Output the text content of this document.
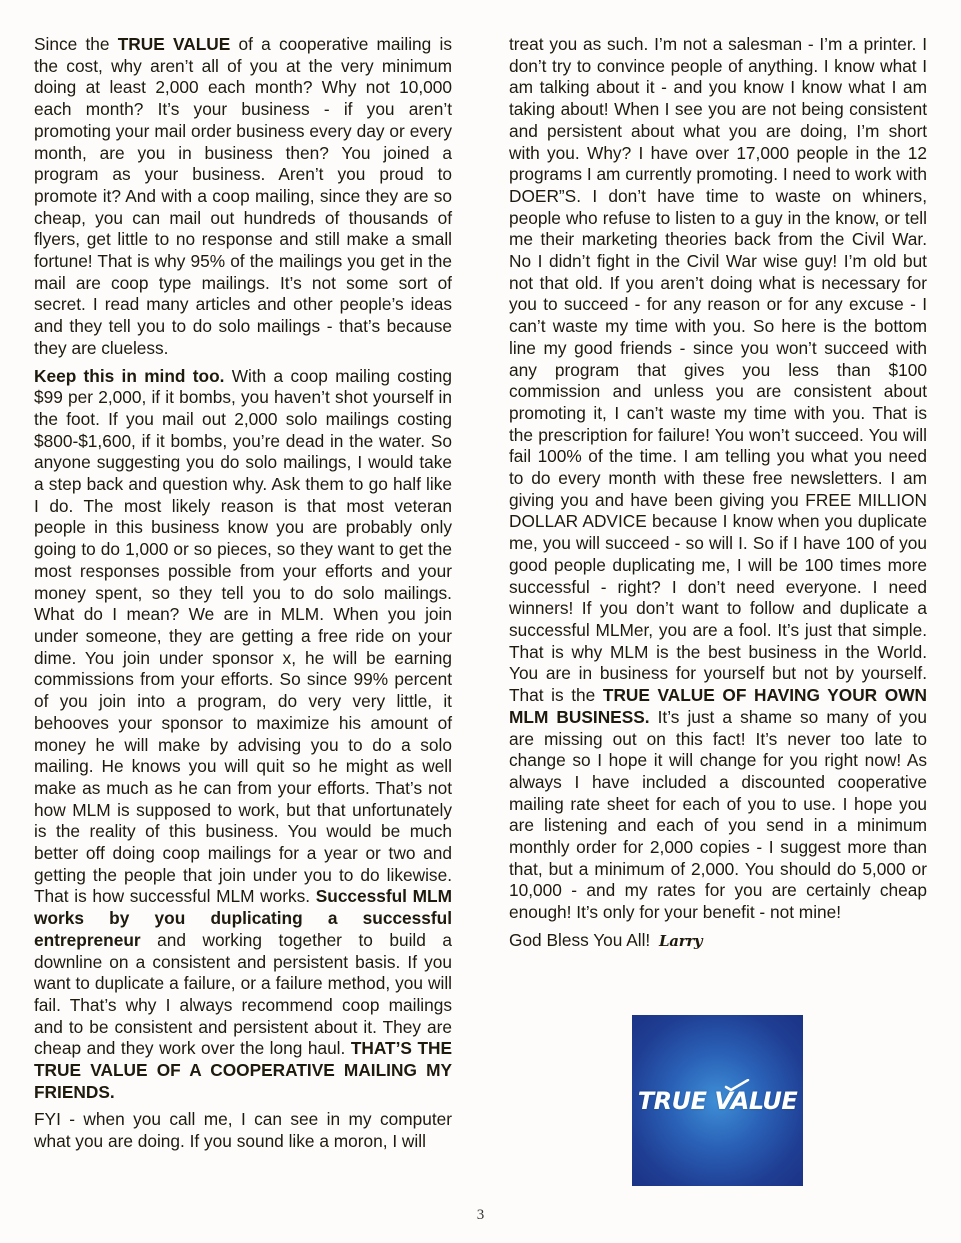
Since the TRUE VALUE of a cooperative mailing is the cost, why aren’t all of you at the very minimum doing at least 2,000 each month? Why not 10,000 each month? It’s your business - if you aren’t promoting your mail order business every day or every month, are you in business then? You joined a program as your business. Aren’t you proud to promote it? And with a coop mailing, since they are so cheap, you can mail out hundreds of thousands of flyers, get little to no response and still make a small fortune! That is why 95% of the mailings you get in the mail are coop type mailings. It’s not some sort of secret. I read many articles and other people’s ideas and they tell you to do solo mailings - that’s because they are clueless.

Keep this in mind too. With a coop mailing costing $99 per 2,000, if it bombs, you haven’t shot yourself in the foot. If you mail out 2,000 solo mailings costing $800-$1,600, if it bombs, you’re dead in the water. So anyone suggesting you do solo mailings, I would take a step back and question why. Ask them to go half like I do. The most likely reason is that most veteran people in this business know you are probably only going to do 1,000 or so pieces, so they want to get the most responses possible from your efforts and your money spent, so they tell you to do solo mailings. What do I mean? We are in MLM. When you join under someone, they are getting a free ride on your dime. You join under sponsor x, he will be earning commissions from your efforts. So since 99% percent of you join into a program, do very very little, it behooves your sponsor to maximize his amount of money he will make by advising you to do a solo mailing. He knows you will quit so he might as well make as much as he can from your efforts. That’s not how MLM is supposed to work, but that unfortunately is the reality of this business. You would be much better off doing coop mailings for a year or two and getting the people that join under you to do likewise. That is how successful MLM works. Successful MLM works by you duplicating a successful entrepreneur and working together to build a downline on a consistent and persistent basis. If you want to duplicate a failure, or a failure method, you will fail. That’s why I always recommend coop mailings and to be consistent and persistent about it. They are cheap and they work over the long haul. THAT’S THE TRUE VALUE OF A COOPERATIVE MAILING MY FRIENDS.

FYI - when you call me, I can see in my computer what you are doing. If you sound like a moron, I will

treat you as such. I’m not a salesman - I’m a printer. I don’t try to convince people of anything. I know what I am talking about it - and you know I know what I am taking about! When I see you are not being consistent and persistent about what you are doing, I’m short with you. Why? I have over 17,000 people in the 12 programs I am currently promoting. I need to work with DOER”S. I don’t have time to waste on whiners, people who refuse to listen to a guy in the know, or tell me their marketing theories back from the Civil War. No I didn’t fight in the Civil War wise guy! I’m old but not that old. If you aren’t doing what is necessary for you to succeed - for any reason or for any excuse - I can’t waste my time with you. So here is the bottom line my good friends - since you won’t succeed with any program that gives you less than $100 commission and unless you are consistent about promoting it, I can’t waste my time with you. That is the prescription for failure! You won’t succeed. You will fail 100% of the time. I am telling you what you need to do every month with these free newsletters. I am giving you and have been giving you FREE MILLION DOLLAR ADVICE because I know when you duplicate me, you will succeed - so will I. So if I have 100 of you good people duplicating me, I will be 100 times more successful - right? I don’t need everyone. I need winners! If you don’t want to follow and duplicate a successful MLMer, you are a fool. It’s just that simple. That is why MLM is the best business in the World. You are in business for yourself but not by yourself. That is the TRUE VALUE OF HAVING YOUR OWN MLM BUSINESS. It’s just a shame so many of you are missing out on this fact! It’s never too late to change so I hope it will change for you right now! As always I have included a discounted cooperative mailing rate sheet for each of you to use. I hope you are listening and each of you send in a minimum monthly order for 2,000 copies - I suggest more than that, but a minimum of 2,000. You should do 5,000 or 10,000 - and my rates for you are certainly cheap enough! It’s only for your benefit - not mine!

God Bless You All! Larry

TRUE VALUE
3
